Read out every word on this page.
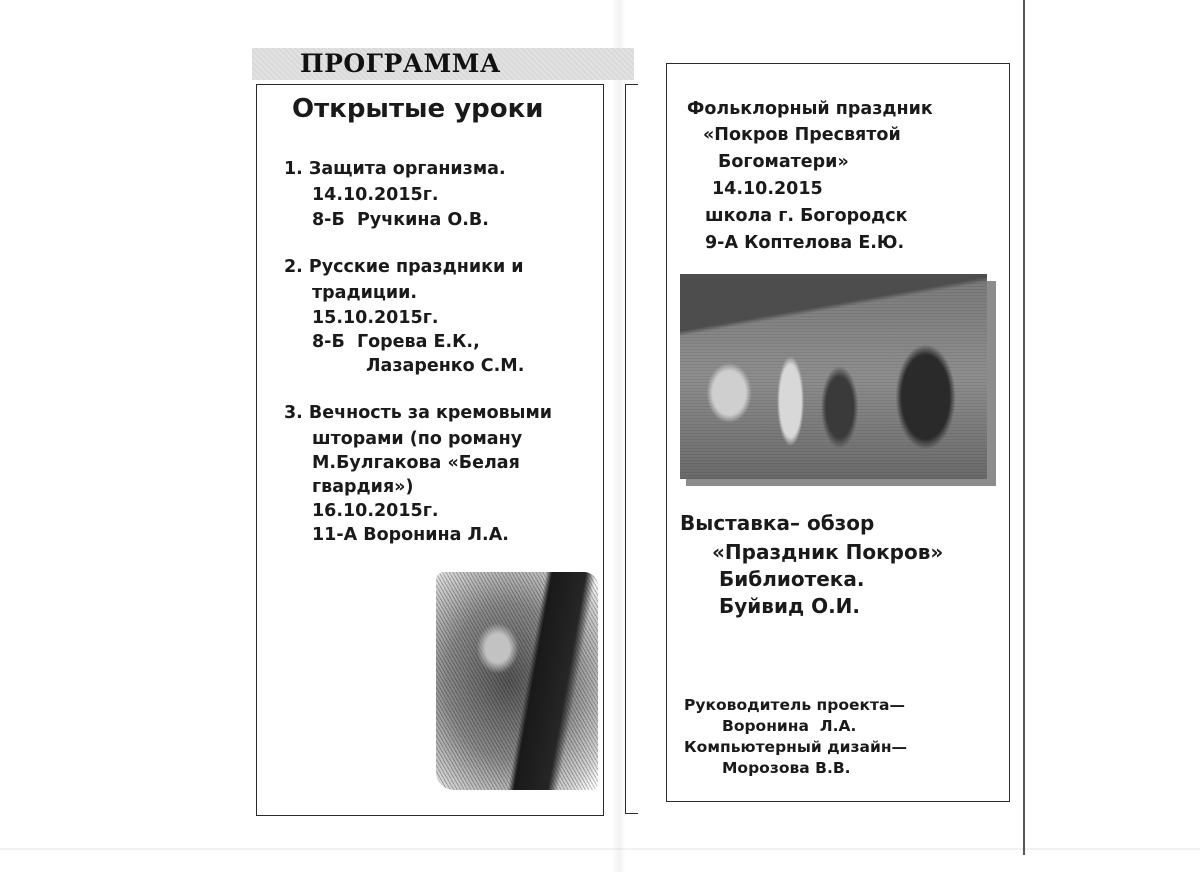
ПРОГРАММА
Открытые уроки
1. Защита организма.
14.10.2015г.
8-Б  Ручкина О.В.
2. Русские праздники и
традиции.
15.10.2015г.
8-Б  Горева Е.К.,
Лазаренко С.М.
3. Вечность за кремовыми
шторами (по роману
М.Булгакова «Белая
гвардия»)
16.10.2015г.
11-А Воронина Л.А.
Фольклорный праздник
«Покров Пресвятой
Богоматери»
14.10.2015
школа г. Богородск
9-А Коптелова Е.Ю.
Выставка– обзор
«Праздник Покров»
Библиотека.
Буйвид О.И.
Руководитель проекта—
Воронина  Л.А.
Компьютерный дизайн—
Морозова В.В.
